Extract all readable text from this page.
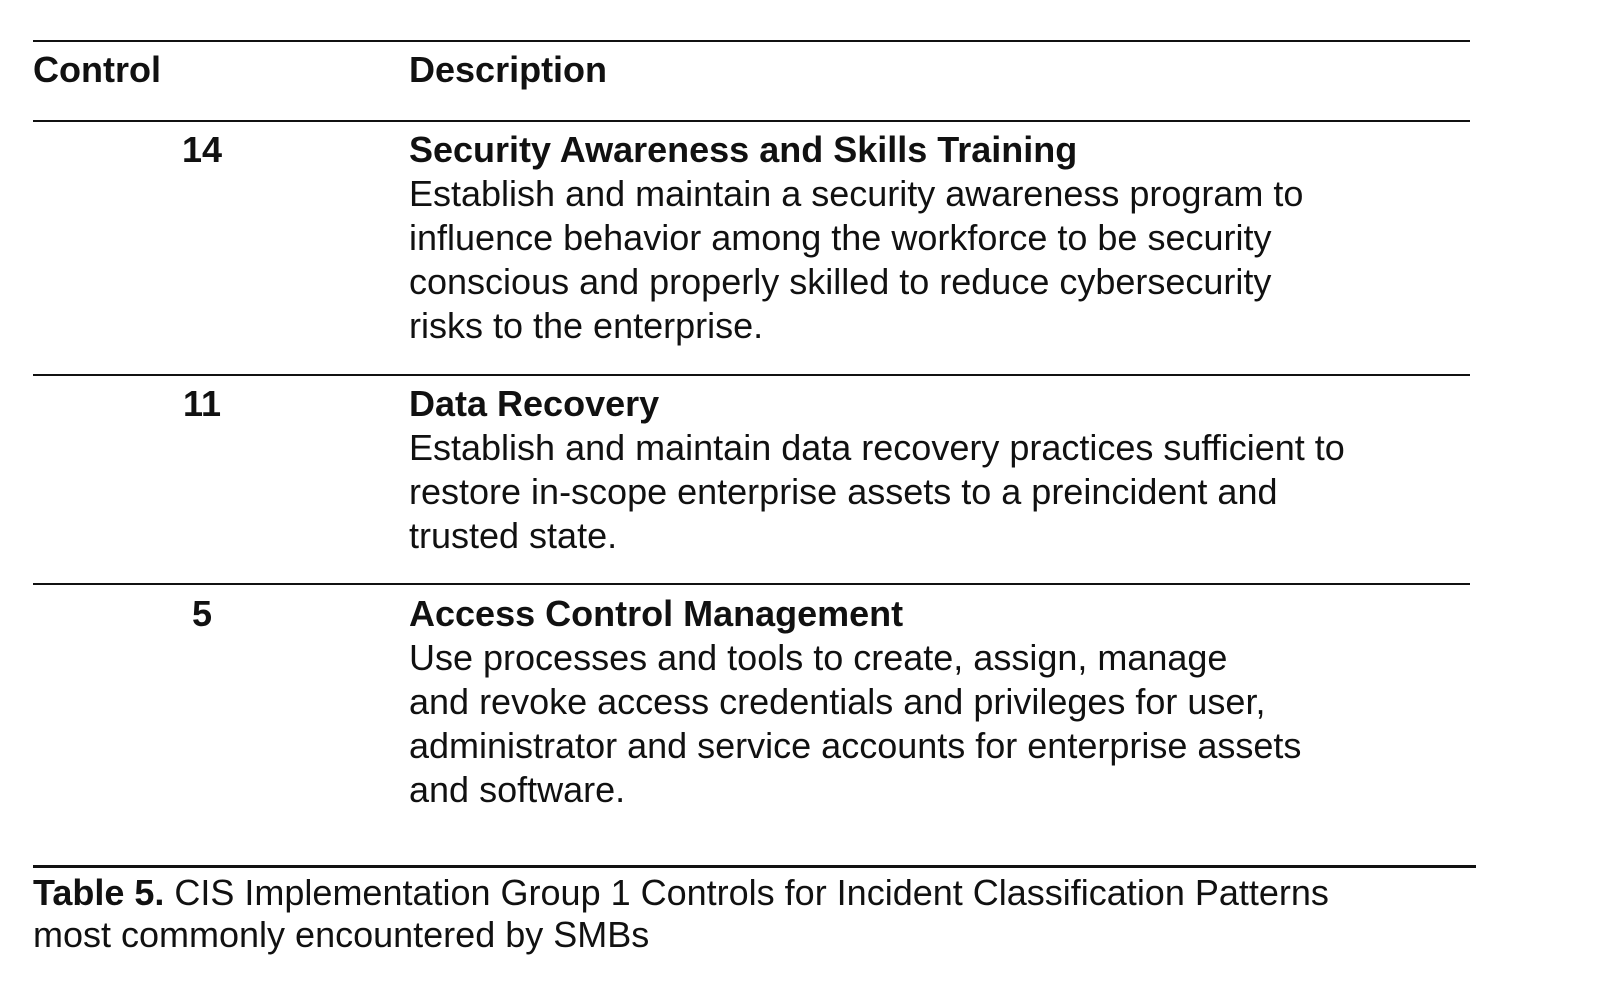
Control	Description
14	Security Awareness and Skills Training
Establish and maintain a security awareness program to
influence behavior among the workforce to be security
conscious and properly skilled to reduce cybersecurity
risks to the enterprise.
11	Data Recovery
Establish and maintain data recovery practices sufficient to
restore in-scope enterprise assets to a preincident and
trusted state.
5	Access Control Management
Use processes and tools to create, assign, manage
and revoke access credentials and privileges for user,
administrator and service accounts for enterprise assets
and software.
Table 5. CIS Implementation Group 1 Controls for Incident Classification Patterns
most commonly encountered by SMBs
